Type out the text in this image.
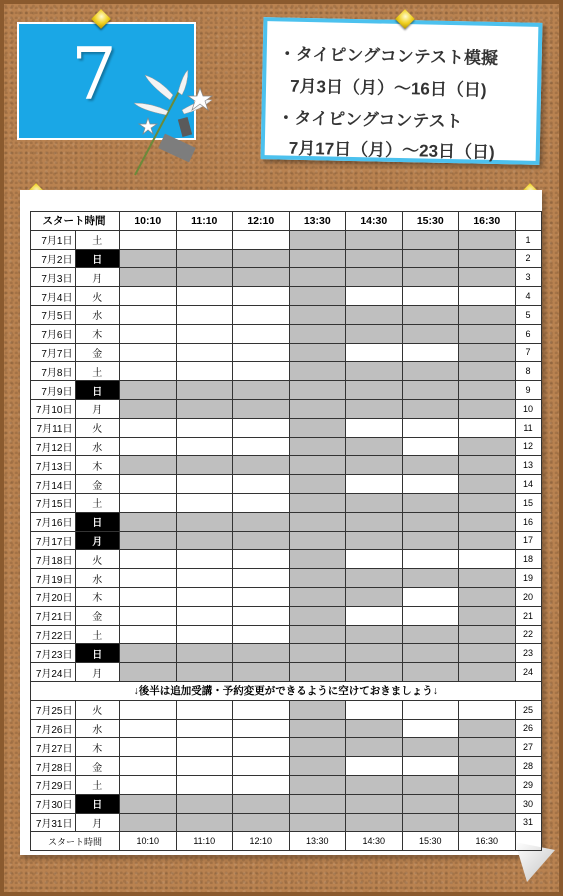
7	・タイピングコンテスト模擬
7月3日（月）～16日（日)
・タイピングコンテスト
7月17日（月）～23日（日)
スタート時間		10:10	11:10	12:10	13:30	14:30	15:30	16:30	
7月1日	土								1
7月2日	日								2
7月3日	月								3
7月4日	火								4
7月5日	水								5
7月6日	木								6
7月7日	金								7
7月8日	土								8
7月9日	日								9
7月10日	月								10
7月11日	火								11
7月12日	水								12
7月13日	木								13
7月14日	金								14
7月15日	土								15
7月16日	日								16
7月17日	月								17
7月18日	火								18
7月19日	水								19
7月20日	木								20
7月21日	金								21
7月22日	土								22
7月23日	日								23
7月24日	月								24
↓後半は追加受講・予約変更ができるように空けておきましょう↓									
7月25日	火								25
7月26日	水								26
7月27日	木								27
7月28日	金								28
7月29日	土								29
7月30日	日								30
7月31日	月								31
スタート時間		10:10	11:10	12:10	13:30	14:30	15:30	16:30	
